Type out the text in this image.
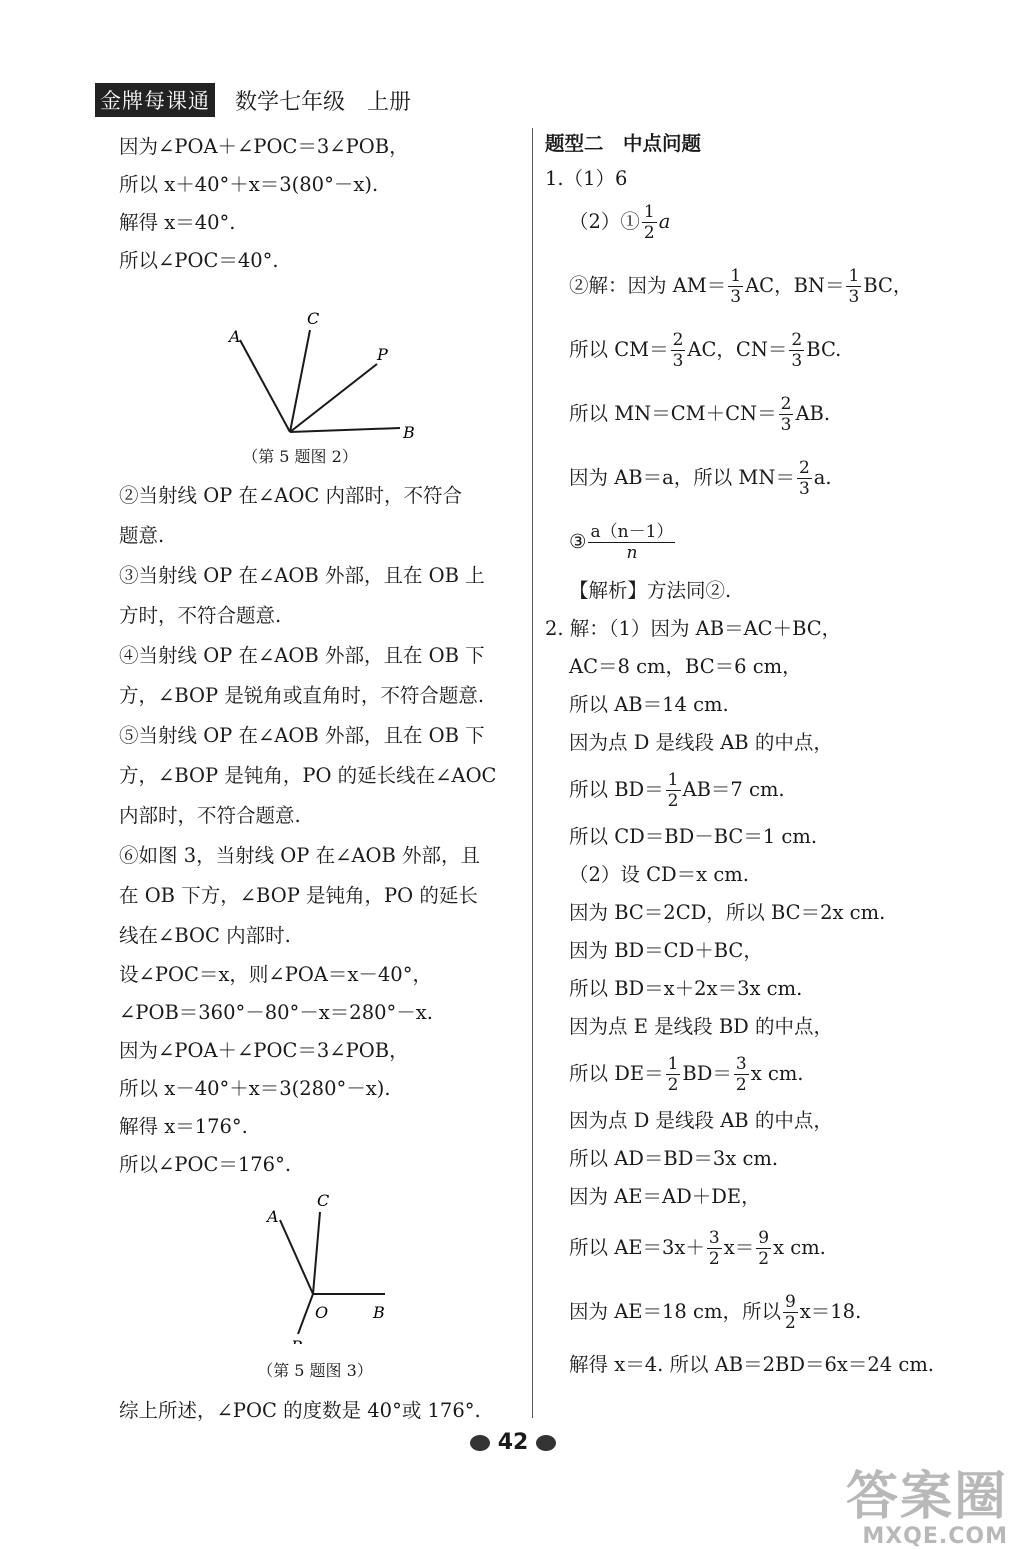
金牌每课通 数学七年级　上册
因为∠POA＋∠POC＝3∠POB，
所以 x＋40°＋x＝3(80°－x).
解得 x＝40°.
所以∠POC＝40°.
A
C
P
B
（第 5 题图 2）
②当射线 OP 在∠AOC 内部时，不符合
题意.
③当射线 OP 在∠AOB 外部，且在 OB 上
方时，不符合题意.
④当射线 OP 在∠AOB 外部，且在 OB 下
方，∠BOP 是锐角或直角时，不符合题意.
⑤当射线 OP 在∠AOB 外部，且在 OB 下
方，∠BOP 是钝角，PO 的延长线在∠AOC
内部时，不符合题意.
⑥如图 3，当射线 OP 在∠AOB 外部，且
在 OB 下方，∠BOP 是钝角，PO 的延长
线在∠BOC 内部时.
设∠POC＝x，则∠POA＝x－40°，
∠POB＝360°－80°－x＝280°－x.
因为∠POA＋∠POC＝3∠POB，
所以 x－40°＋x＝3(280°－x).
解得 x＝176°.
所以∠POC＝176°.
A
C
O	B
（第 5 题图 3）
综上所述，∠POC 的度数是 40°或 176°.
题型二　中点问题
1.（1）6
（2）① $\frac{1}{2}$ a
②解：因为 $AM= \frac{1}{3}$ AC，$BN= \frac{1}{3}$ BC，
所以 $CM= \frac{2}{3}$ AC，$CN= \frac{2}{3}$ BC.
所以 $MN=CM+CN= \frac{2}{3}$ AB.
因为 AB＝a，所以 $MN= \frac{2}{3} a$.
③ $\frac{a(n-1)}{n}$
【解析】方法同②.
2. 解：（1）因为 AB＝AC＋BC，
AC＝8 cm，BC＝6 cm，
所以 AB＝14 cm.
因为点 D 是线段 AB 的中点，
所以 $BD= \frac{1}{2} AB=7$ cm.
所以 CD＝BD－BC＝1 cm.
（2）设 CD＝x cm.
因为 BC＝2CD，所以 BC＝2x cm.
因为 BD＝CD＋BC，
所以 BD＝x＋2x＝3x cm.
因为点 E 是线段 BD 的中点，
所以 $DE= \frac{1}{2} BD= \frac{3}{2}$ x cm.
因为点 D 是线段 AB 的中点，
所以 AD＝BD＝3x cm.
因为 AE＝AD＋DE，
所以 $AE=3x+ \frac{3}{2} x= \frac{9}{2}$ x cm.
因为 AE＝18 cm，所以 $\frac{9}{2} x=18$.
解得 x＝4. 所以 AB＝2BD＝6x＝24 cm.
42
答案圈
MXQE.COM
